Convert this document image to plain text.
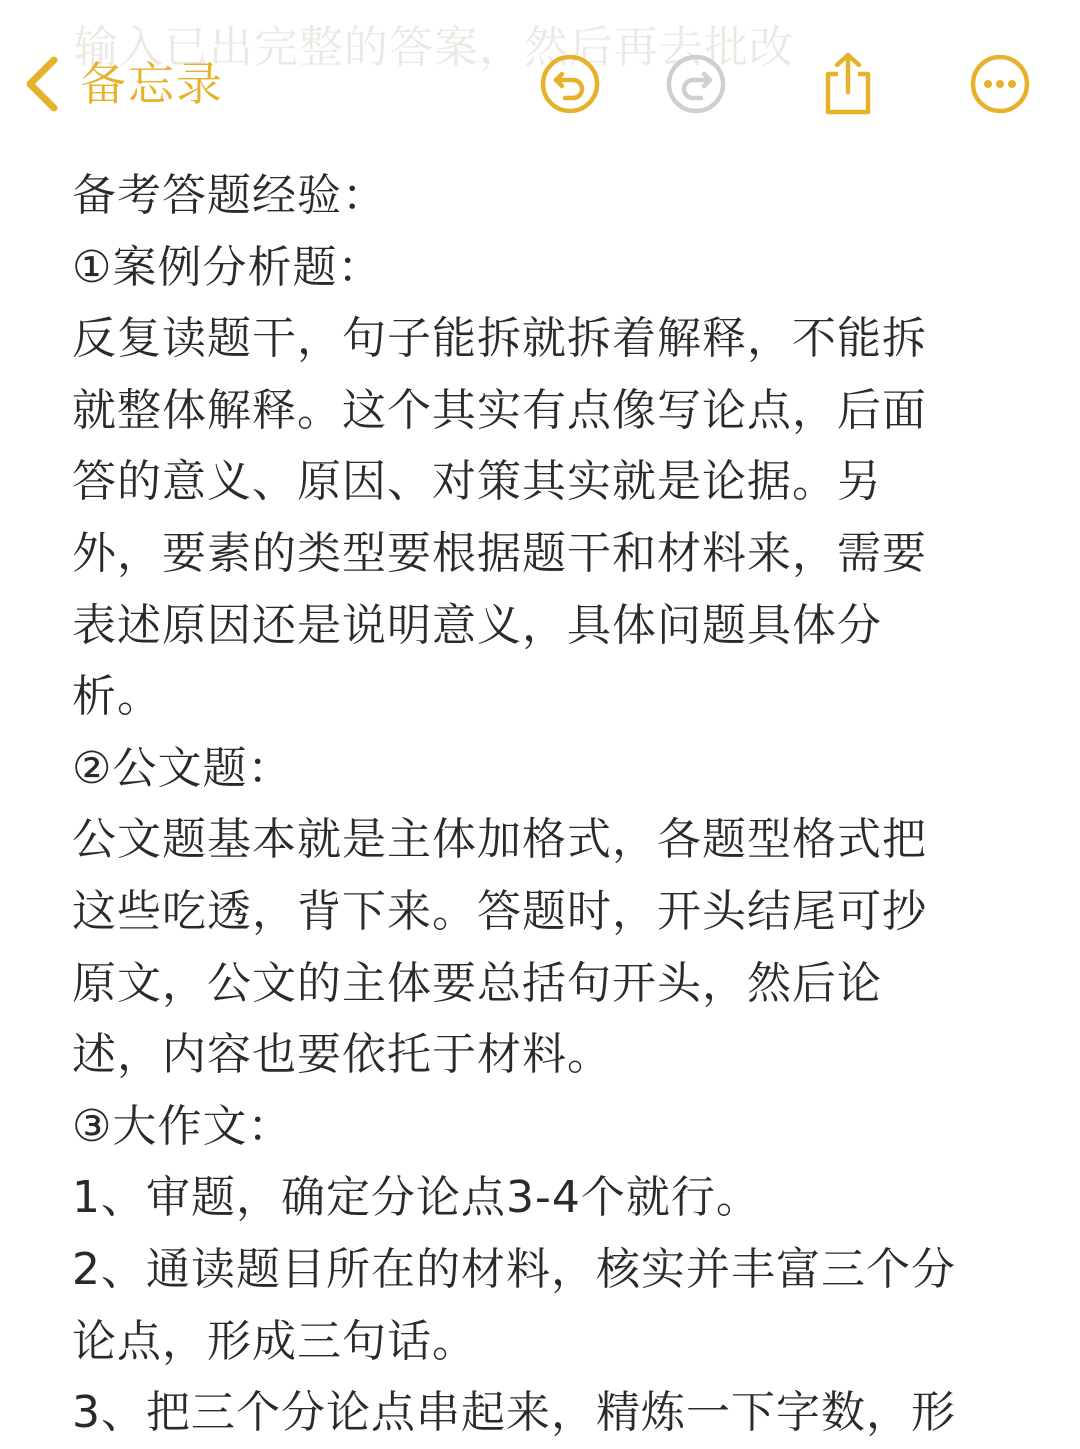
输入已出完整的答案，然后再去批改
备忘录
备考答题经验：
①案例分析题：
反复读题干，句子能拆就拆着解释，不能拆
就整体解释。这个其实有点像写论点，后面
答的意义、原因、对策其实就是论据。另
外，要素的类型要根据题干和材料来，需要
表述原因还是说明意义，具体问题具体分
析。
②公文题：
公文题基本就是主体加格式，各题型格式把
这些吃透，背下来。答题时，开头结尾可抄
原文，公文的主体要总括句开头，然后论
述，内容也要依托于材料。
③大作文：
1、审题，确定分论点3-4个就行。
2、通读题目所在的材料，核实并丰富三个分
论点，形成三句话。
3、把三个分论点串起来，精炼一下字数，形
